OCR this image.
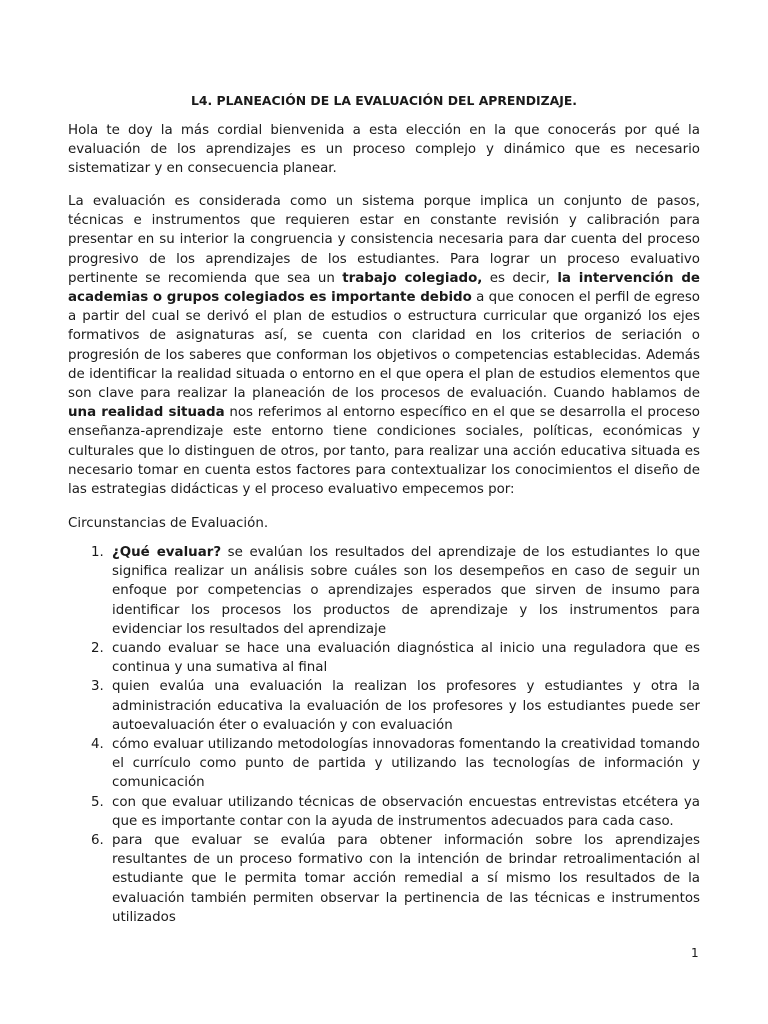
L4. PLANEACIÓN DE LA EVALUACIÓN DEL APRENDIZAJE.

Hola te doy la más cordial bienvenida a esta elección en la que conocerás por qué la evaluación de los aprendizajes es un proceso complejo y dinámico que es necesario sistematizar y en consecuencia planear.

La evaluación es considerada como un sistema porque implica un conjunto de pasos, técnicas e instrumentos que requieren estar en constante revisión y calibración para presentar en su interior la congruencia y consistencia necesaria para dar cuenta del proceso progresivo de los aprendizajes de los estudiantes. Para lograr un proceso evaluativo pertinente se recomienda que sea un trabajo colegiado, es decir, la intervención de academias o grupos colegiados es importante debido a que conocen el perfil de egreso a partir del cual se derivó el plan de estudios o estructura curricular que organizó los ejes formativos de asignaturas así, se cuenta con claridad en los criterios de seriación o progresión de los saberes que conforman los objetivos o competencias establecidas. Además de identificar la realidad situada o entorno en el que opera el plan de estudios elementos que son clave para realizar la planeación de los procesos de evaluación. Cuando hablamos de una realidad situada nos referimos al entorno específico en el que se desarrolla el proceso enseñanza-aprendizaje este entorno tiene condiciones sociales, políticas, económicas y culturales que lo distinguen de otros, por tanto, para realizar una acción educativa situada es necesario tomar en cuenta estos factores para contextualizar los conocimientos el diseño de las estrategias didácticas y el proceso evaluativo empecemos por:

Circunstancias de Evaluación.

1. ¿Qué evaluar? se evalúan los resultados del aprendizaje de los estudiantes lo que significa realizar un análisis sobre cuáles son los desempeños en caso de seguir un enfoque por competencias o aprendizajes esperados que sirven de insumo para identificar los procesos los productos de aprendizaje y los instrumentos para evidenciar los resultados del aprendizaje
2. cuando evaluar se hace una evaluación diagnóstica al inicio una reguladora que es continua y una sumativa al final
3. quien evalúa una evaluación la realizan los profesores y estudiantes y otra la administración educativa la evaluación de los profesores y los estudiantes puede ser autoevaluación éter o evaluación y con evaluación
4. cómo evaluar utilizando metodologías innovadoras fomentando la creatividad tomando el currículo como punto de partida y utilizando las tecnologías de información y comunicación
5. con que evaluar utilizando técnicas de observación encuestas entrevistas etcétera ya que es importante contar con la ayuda de instrumentos adecuados para cada caso.
6. para que evaluar se evalúa para obtener información sobre los aprendizajes resultantes de un proceso formativo con la intención de brindar retroalimentación al estudiante que le permita tomar acción remedial a sí mismo los resultados de la evaluación también permiten observar la pertinencia de las técnicas e instrumentos utilizados
1
